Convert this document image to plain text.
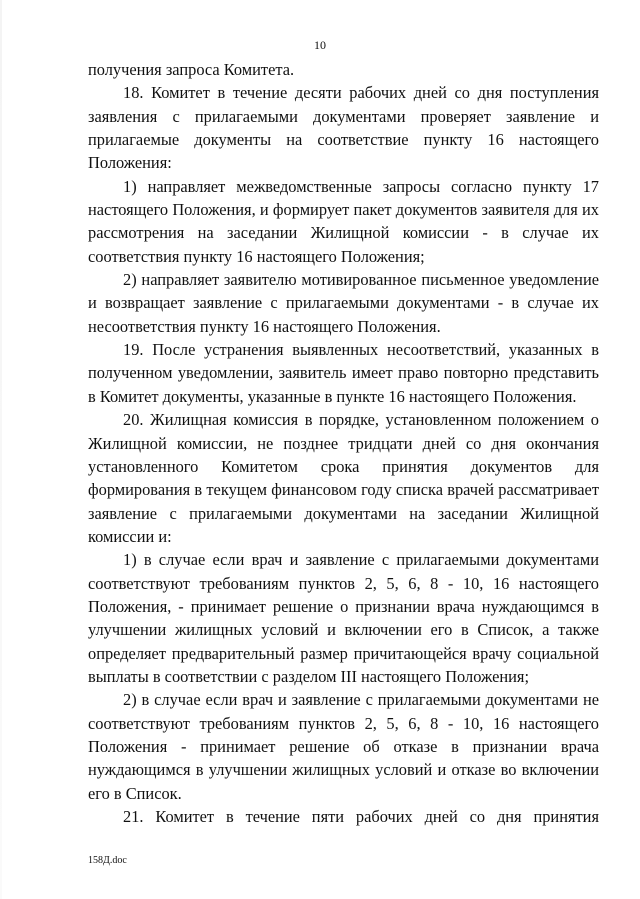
10

получения запроса Комитета.

18. Комитет в течение десяти рабочих дней со дня поступления заявления с прилагаемыми документами проверяет заявление и прилагаемые документы на соответствие пункту 16 настоящего Положения:

1) направляет межведомственные запросы согласно пункту 17 настоящего Положения, и формирует пакет документов заявителя для их рассмотрения на заседании Жилищной комиссии - в случае их соответствия пункту 16 настоящего Положения;

2) направляет заявителю мотивированное письменное уведомление и возвращает заявление с прилагаемыми документами - в случае их несоответствия пункту 16 настоящего Положения.

19. После устранения выявленных несоответствий, указанных в полученном уведомлении, заявитель имеет право повторно представить в Комитет документы, указанные в пункте 16 настоящего Положения.

20. Жилищная комиссия в порядке, установленном положением о Жилищной комиссии, не позднее тридцати дней со дня окончания установленного Комитетом срока принятия документов для формирования в текущем финансовом году списка врачей рассматривает заявление с прилагаемыми документами на заседании Жилищной комиссии и:

1) в случае если врач и заявление с прилагаемыми документами соответствуют требованиям пунктов 2, 5, 6, 8 - 10, 16 настоящего Положения, - принимает решение о признании врача нуждающимся в улучшении жилищных условий и включении его в Список, а также определяет предварительный размер причитающейся врачу социальной выплаты в соответствии с разделом III настоящего Положения;

2) в случае если врач и заявление с прилагаемыми документами не соответствуют требованиям пунктов 2, 5, 6, 8 - 10, 16 настоящего Положения - принимает решение об отказе в признании врача нуждающимся в улучшении жилищных условий и отказе во включении его в Список.

21. Комитет в течение пяти рабочих дней со дня принятия

158Д.doc
